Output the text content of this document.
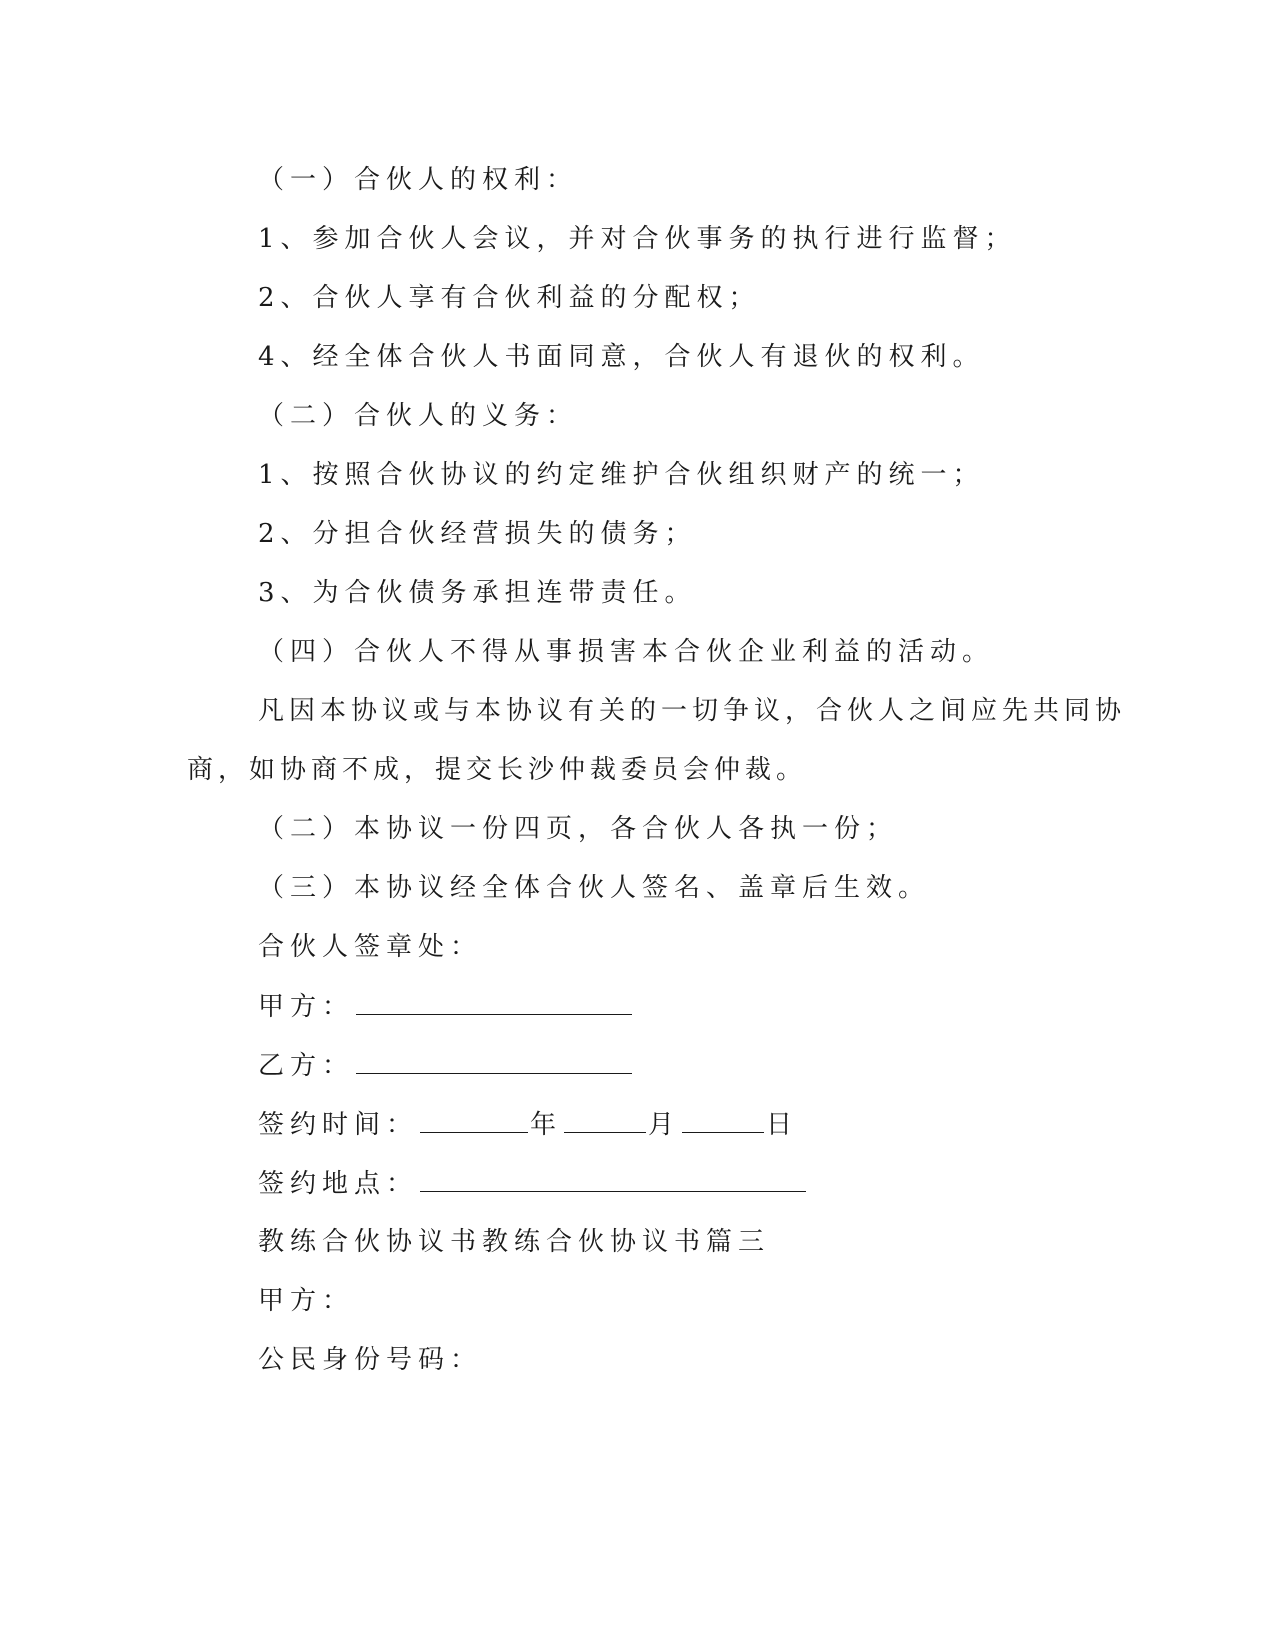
（一）合伙人的权利：
1、参加合伙人会议，并对合伙事务的执行进行监督；
2、合伙人享有合伙利益的分配权；
4、经全体合伙人书面同意，合伙人有退伙的权利。
（二）合伙人的义务：
1、按照合伙协议的约定维护合伙组织财产的统一；
2、分担合伙经营损失的债务；
3、为合伙债务承担连带责任。
（四）合伙人不得从事损害本合伙企业利益的活动。
凡因本协议或与本协议有关的一切争议，合伙人之间应先共同协
商，如协商不成，提交长沙仲裁委员会仲裁。
（二）本协议一份四页，各合伙人各执一份；
（三）本协议经全体合伙人签名、盖章后生效。
合伙人签章处：
甲方：
乙方：
签约时间：	年	月	日
签约地点：
教练合伙协议书教练合伙协议书篇三
甲方：
公民身份号码：
